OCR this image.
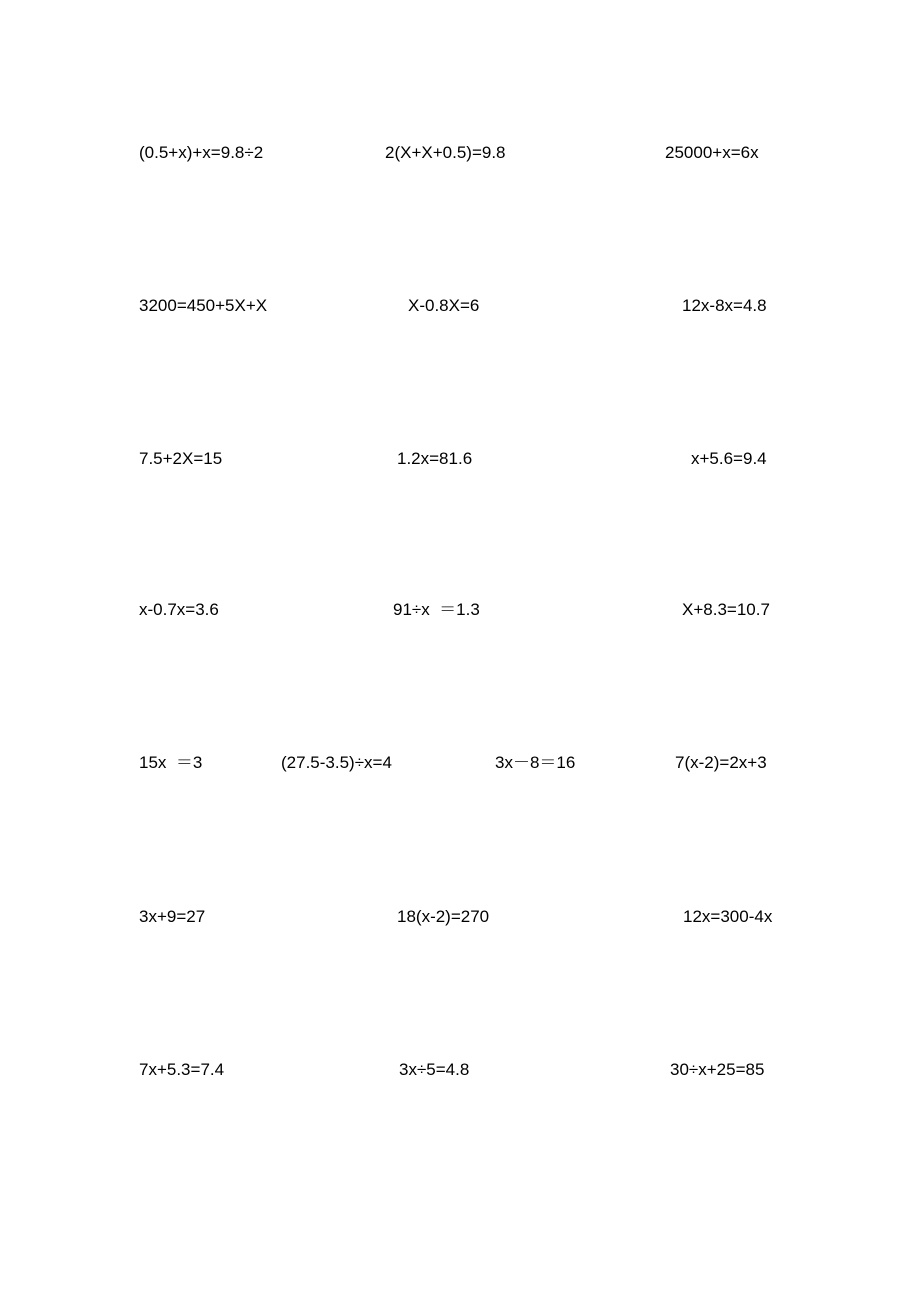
(0.5+x)+x=9.8÷2	2(X+X+0.5)=9.8	25000+x=6x
3200=450+5X+X	X-0.8X=6	12x-8x=4.8
7.5+2X=15	1.2x=81.6	x+5.6=9.4
x-0.7x=3.6	91÷x  ＝1.3	X+8.3=10.7
15x  ＝3	(27.5-3.5)÷x=4	3x－8＝16	7(x-2)=2x+3
3x+9=27	18(x-2)=270	12x=300-4x
7x+5.3=7.4	3x÷5=4.8	30÷x+25=85
